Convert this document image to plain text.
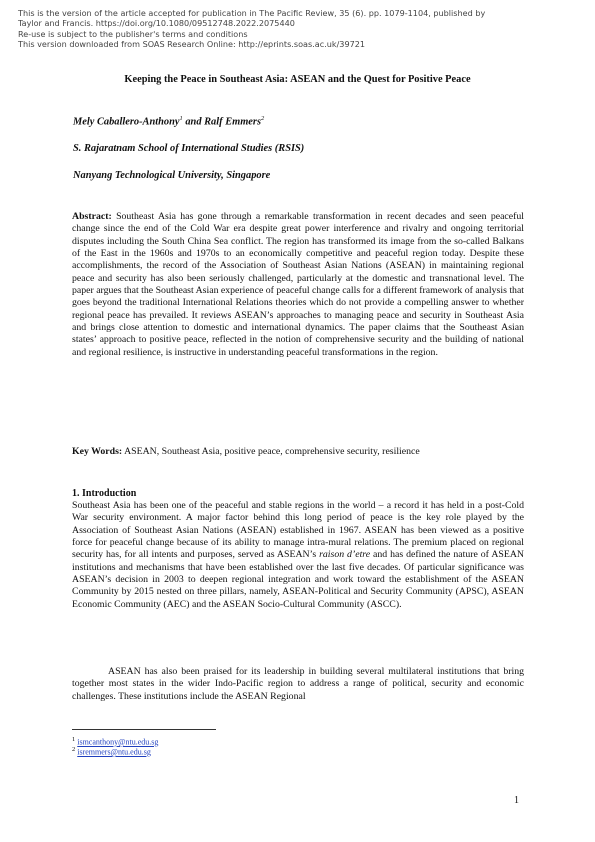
This is the version of the article accepted for publication in The Pacific Review, 35 (6). pp. 1079-1104, published by
Taylor and Francis. https://doi.org/10.1080/09512748.2022.2075440
Re-use is subject to the publisher's terms and conditions
This version downloaded from SOAS Research Online: http://eprints.soas.ac.uk/39721
Keeping the Peace in Southeast Asia: ASEAN and the Quest for Positive Peace
Mely Caballero-Anthony$^1$ and Ralf Emmers$^2$
S. Rajaratnam School of International Studies (RSIS)
Nanyang Technological University, Singapore
Abstract: Southeast Asia has gone through a remarkable transformation in recent decades and seen peaceful change since the end of the Cold War era despite great power interference and rivalry and ongoing territorial disputes including the South China Sea conflict. The region has transformed its image from the so-called Balkans of the East in the 1960s and 1970s to an economically competitive and peaceful region today. Despite these accomplishments, the record of the Association of Southeast Asian Nations (ASEAN) in maintaining regional peace and security has also been seriously challenged, particularly at the domestic and transnational level. The paper argues that the Southeast Asian experience of peaceful change calls for a different framework of analysis that goes beyond the traditional International Relations theories which do not provide a compelling answer to whether regional peace has prevailed. It reviews ASEAN’s approaches to managing peace and security in Southeast Asia and brings close attention to domestic and international dynamics. The paper claims that the Southeast Asian states’ approach to positive peace, reflected in the notion of comprehensive security and the building of national and regional resilience, is instructive in understanding peaceful transformations in the region.
Key Words: ASEAN, Southeast Asia, positive peace, comprehensive security, resilience
1. Introduction
Southeast Asia has been one of the peaceful and stable regions in the world – a record it has held in a post-Cold War security environment. A major factor behind this long period of peace is the key role played by the Association of Southeast Asian Nations (ASEAN) established in 1967. ASEAN has been viewed as a positive force for peaceful change because of its ability to manage intra-mural relations. The premium placed on regional security has, for all intents and purposes, served as ASEAN’s raison d’etre and has defined the nature of ASEAN institutions and mechanisms that have been established over the last five decades. Of particular significance was ASEAN’s decision in 2003 to deepen regional integration and work toward the establishment of the ASEAN Community by 2015 nested on three pillars, namely, ASEAN-Political and Security Community (APSC), ASEAN Economic Community (AEC) and the ASEAN Socio-Cultural Community (ASCC).
ASEAN has also been praised for its leadership in building several multilateral institutions that bring together most states in the wider Indo-Pacific region to address a range of political, security and economic challenges. These institutions include the ASEAN Regional
$^1$ ismcanthony@ntu.edu.sg
$^2$ isremmers@ntu.edu.sg
1
